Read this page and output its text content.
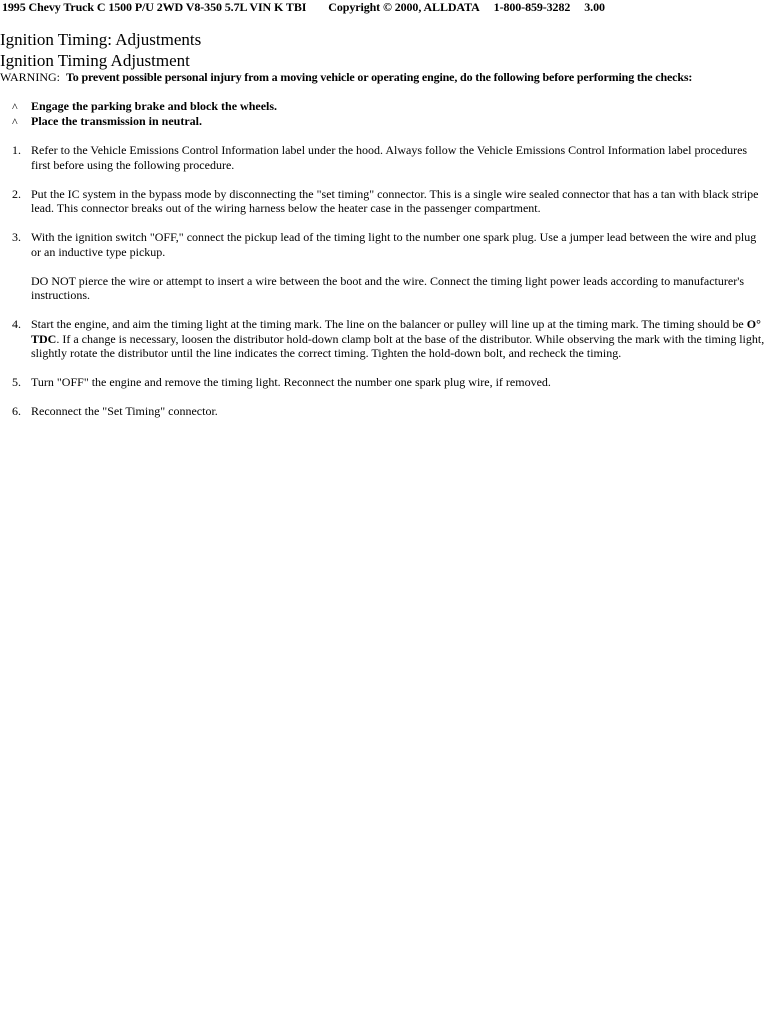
1995 Chevy Truck C 1500 P/U 2WD V8-350 5.7L VIN K TBI Copyright © 2000, ALLDATA 1-800-859-3282 3.00
Ignition Timing: Adjustments
Ignition Timing Adjustment
WARNING: To prevent possible personal injury from a moving vehicle or operating engine, do the following before performing the checks:
^ Engage the parking brake and block the wheels.
^ Place the transmission in neutral.
1. Refer to the Vehicle Emissions Control Information label under the hood. Always follow the Vehicle Emissions Control Information label procedures first before using the following procedure.

2. Put the IC system in the bypass mode by disconnecting the "set timing" connector. This is a single wire sealed connector that has a tan with black stripe lead. This connector breaks out of the wiring harness below the heater case in the passenger compartment.

3. With the ignition switch "OFF," connect the pickup lead of the timing light to the number one spark plug. Use a jumper lead between the wire and plug or an inductive type pickup.

DO NOT pierce the wire or attempt to insert a wire between the boot and the wire. Connect the timing light power leads according to manufacturer's instructions.

4. Start the engine, and aim the timing light at the timing mark. The line on the balancer or pulley will line up at the timing mark. The timing should be O° TDC. If a change is necessary, loosen the distributor hold-down clamp bolt at the base of the distributor. While observing the mark with the timing light, slightly rotate the distributor until the line indicates the correct timing. Tighten the hold-down bolt, and recheck the timing.

5. Turn "OFF" the engine and remove the timing light. Reconnect the number one spark plug wire, if removed.

6. Reconnect the "Set Timing" connector.
